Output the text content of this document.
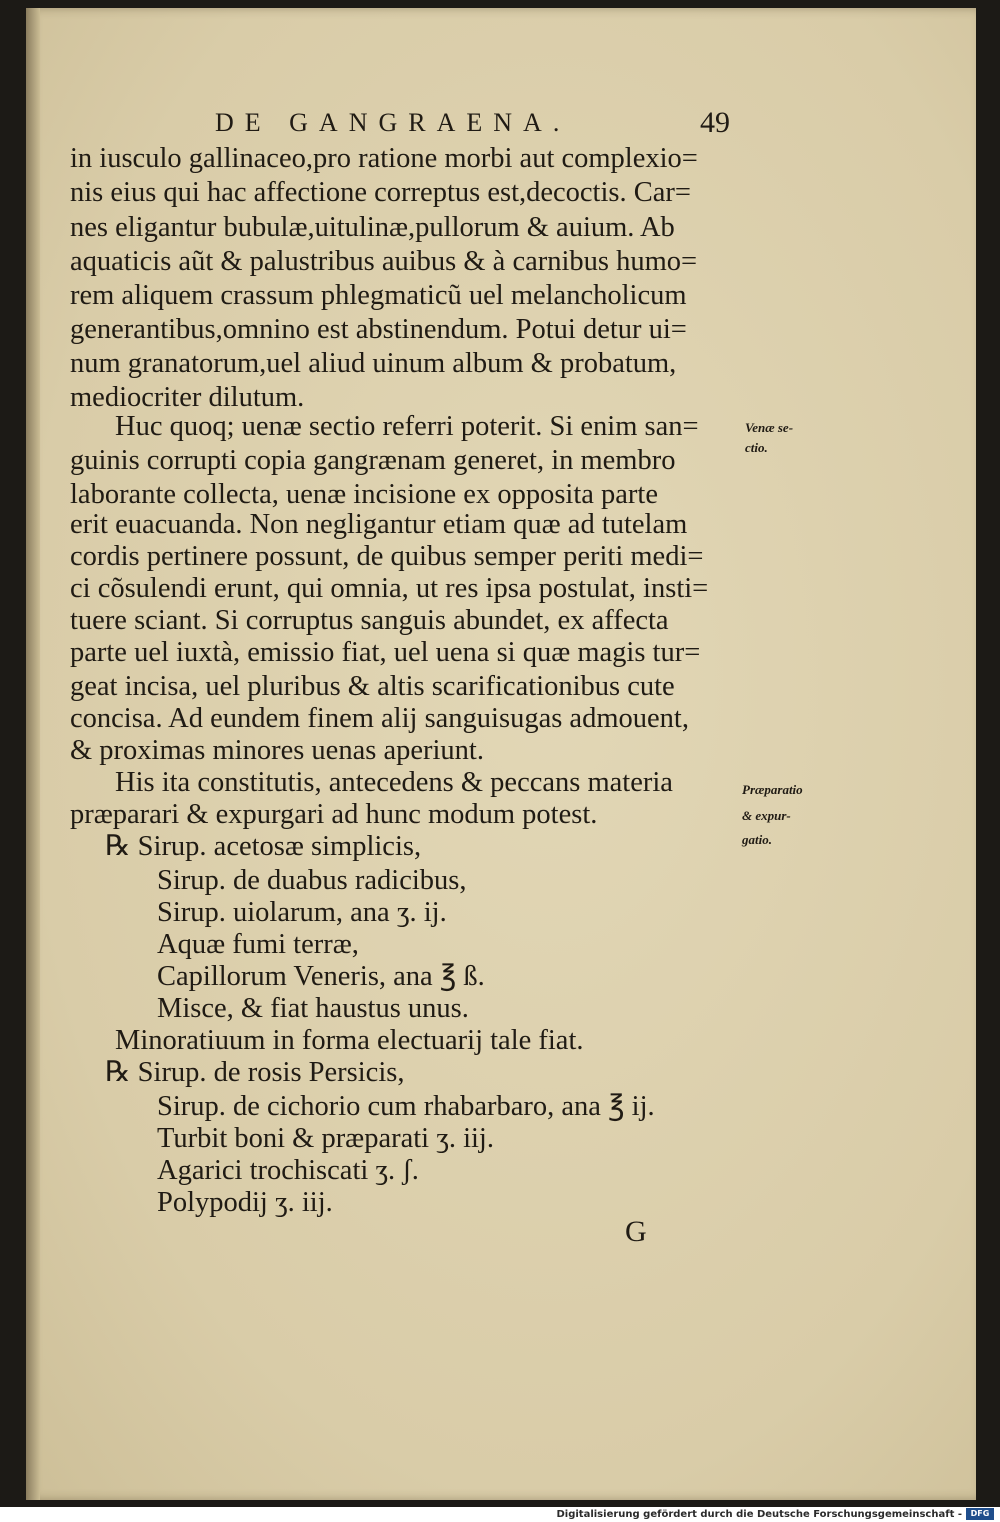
DE GANGRAENA.	49
in iusculo gallinaceo,pro ratione morbi aut complexio=
nis eius qui hac affectione correptus est,decoctis. Car=
nes eligantur bubulæ,uitulinæ,pullorum & auium. Ab
aquaticis aũt & palustribus auibus & à carnibus humo=
rem aliquem crassum phlegmaticũ uel melancholicum
generantibus,omnino est abstinendum. Potui detur ui=
num granatorum,uel aliud uinum album & probatum,
mediocriter dilutum.
Huc quoq; uenæ sectio referri poterit. Si enim san=
guinis corrupti copia gangrænam generet, in membro
laborante collecta, uenæ incisione ex opposita parte
erit euacuanda. Non negligantur etiam quæ ad tutelam
cordis pertinere possunt, de quibus semper periti medi=
ci cõsulendi erunt, qui omnia, ut res ipsa postulat, insti=
tuere sciant. Si corruptus sanguis abundet, ex affecta
parte uel iuxtà, emissio fiat, uel uena si quæ magis tur=
geat incisa, uel pluribus & altis scarificationibus cute
concisa. Ad eundem finem alij sanguisugas admouent,
& proximas minores uenas aperiunt.
His ita constitutis, antecedens & peccans materia
præparari & expurgari ad hunc modum potest.
℞ Sirup. acetosæ simplicis,
Sirup. de duabus radicibus,
Sirup. uiolarum, ana ʒ. ij.
Aquæ fumi terræ,
Capillorum Veneris, ana ℥ ß.
Misce, & fiat haustus unus.
Minoratiuum in forma electuarij tale fiat.
℞ Sirup. de rosis Persicis,
Sirup. de cichorio cum rhabarbaro, ana ℥ ij.
Turbit boni & præparati ʒ. iij.
Agarici trochiscati ʒ. ʃ.
Polypodij ʒ. iij.
Venæ se-
ctio.
Præparatio
& expur-
gatio.
G
Digitalisierung gefördert durch die Deutsche Forschungsgemeinschaft -	DFG
